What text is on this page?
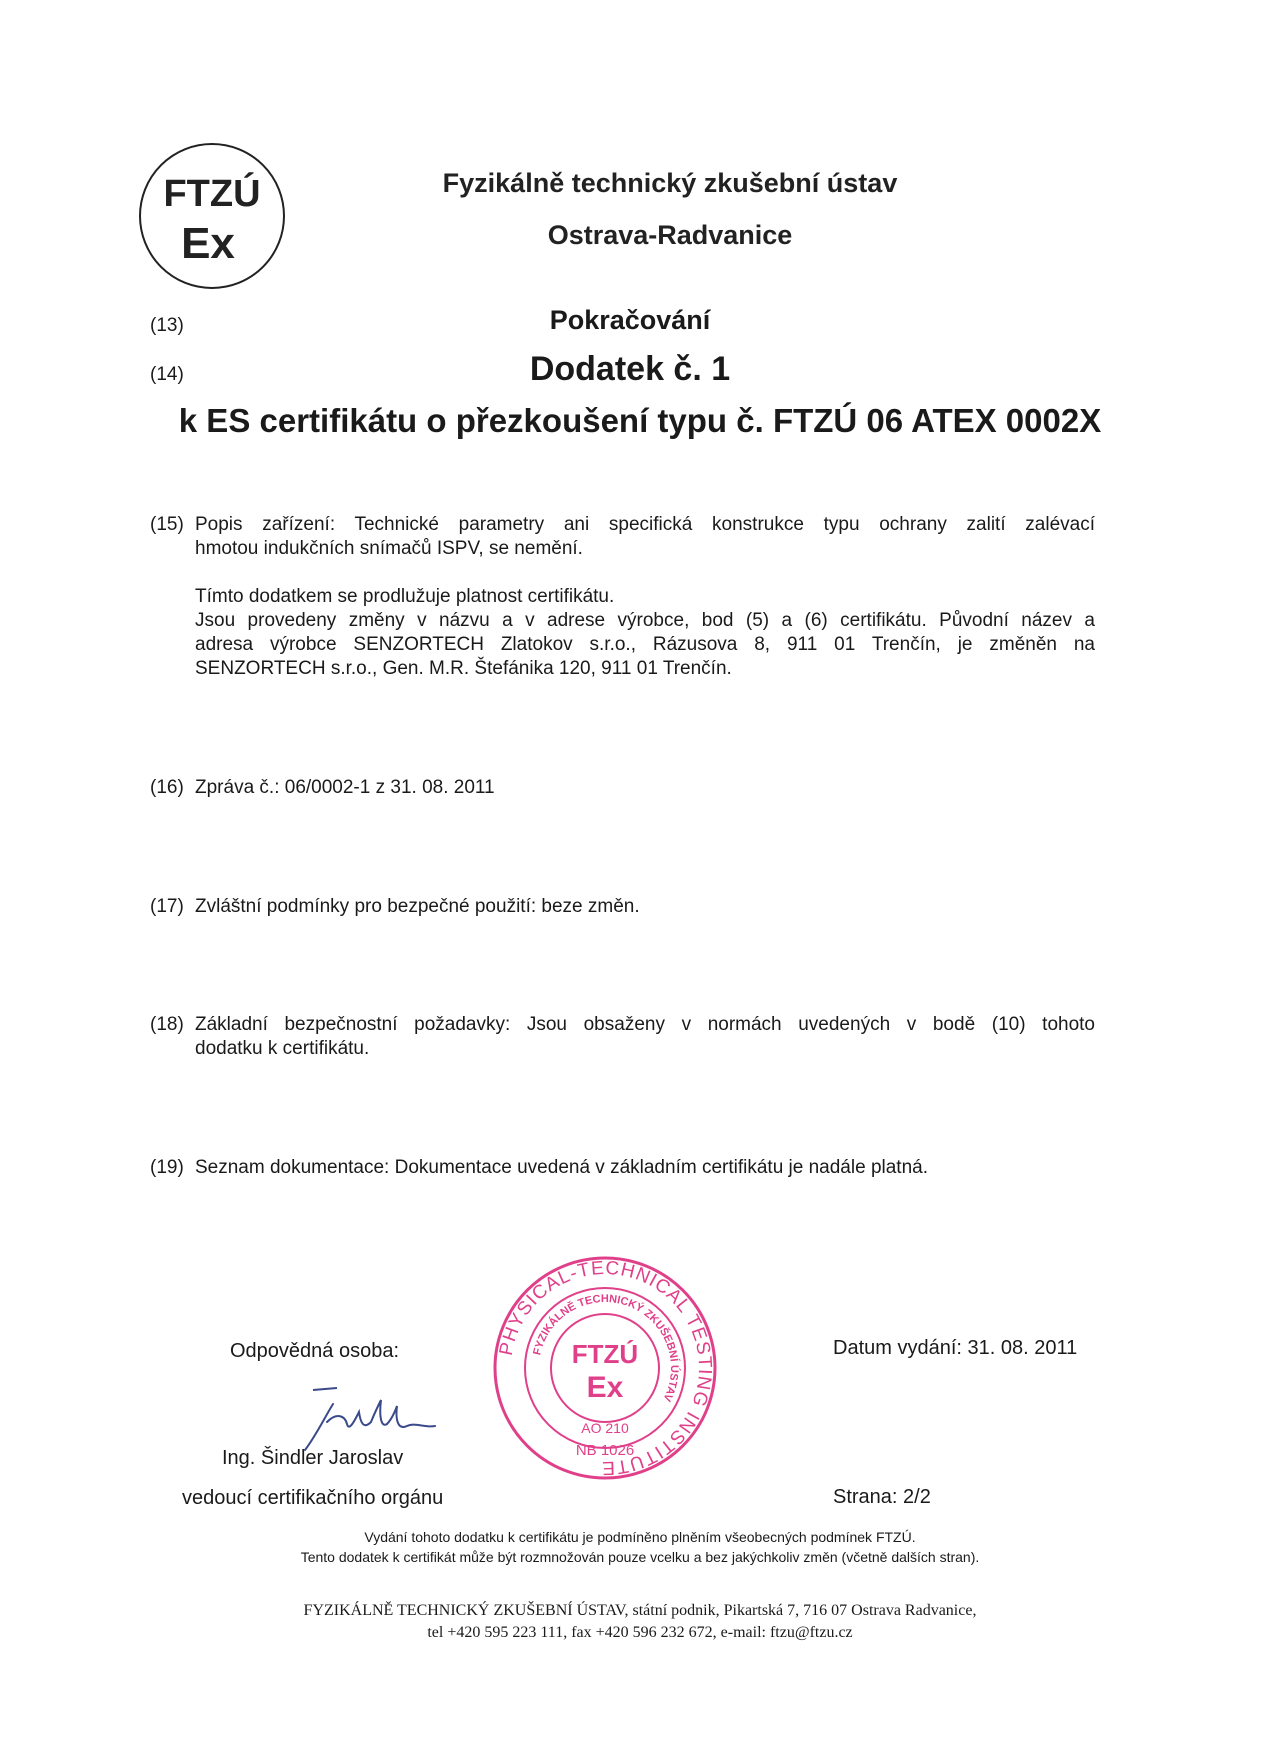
FTZÚ
Ex
Fyzikálně technický zkušební ústav
Ostrava-Radvanice
(13)	Pokračování
(14)	Dodatek č. 1
k ES certifikátu o přezkoušení typu č. FTZÚ 06 ATEX 0002X
(15) Popis zařízení: Technické parametry ani specifická konstrukce typu ochrany zalití zalévací
hmotou indukčních snímačů ISPV, se nemění.
Tímto dodatkem se prodlužuje platnost certifikátu.
Jsou provedeny změny v názvu a v adrese výrobce, bod (5) a (6) certifikátu. Původní název a
adresa výrobce SENZORTECH Zlatokov s.r.o., Rázusova 8, 911 01 Trenčín, je změněn na
SENZORTECH s.r.o., Gen. M.R. Štefánika 120, 911 01 Trenčín.
(16) Zpráva č.: 06/0002-1 z 31. 08. 2011
(17) Zvláštní podmínky pro bezpečné použití: beze změn.
(18) Základní bezpečnostní požadavky: Jsou obsaženy v normách uvedených v bodě (10) tohoto
dodatku k certifikátu.
(19) Seznam dokumentace: Dokumentace uvedená v základním certifikátu je nadále platná.
Odpovědná osoba:
Ing. Šindler Jaroslav
vedoucí certifikačního orgánu
PHYSICAL-TECHNICAL TESTING INSTITUTE
FYZIKÁLNĚ TECHNICKÝ ZKUŠEBNÍ ÚSTAV
FTZÚ
Ex
AO 210
NB 1026
Datum vydání: 31. 08. 2011
Strana: 2/2
Vydání tohoto dodatku k certifikátu je podmíněno plněním všeobecných podmínek FTZÚ.
Tento dodatek k certifikát může být rozmnožován pouze vcelku a bez jakýchkoliv změn (včetně dalších stran).
FYZIKÁLNĚ TECHNICKÝ ZKUŠEBNÍ ÚSTAV, státní podnik, Pikartská 7, 716 07 Ostrava Radvanice,
tel +420 595 223 111, fax +420 596 232 672, e-mail: ftzu@ftzu.cz
